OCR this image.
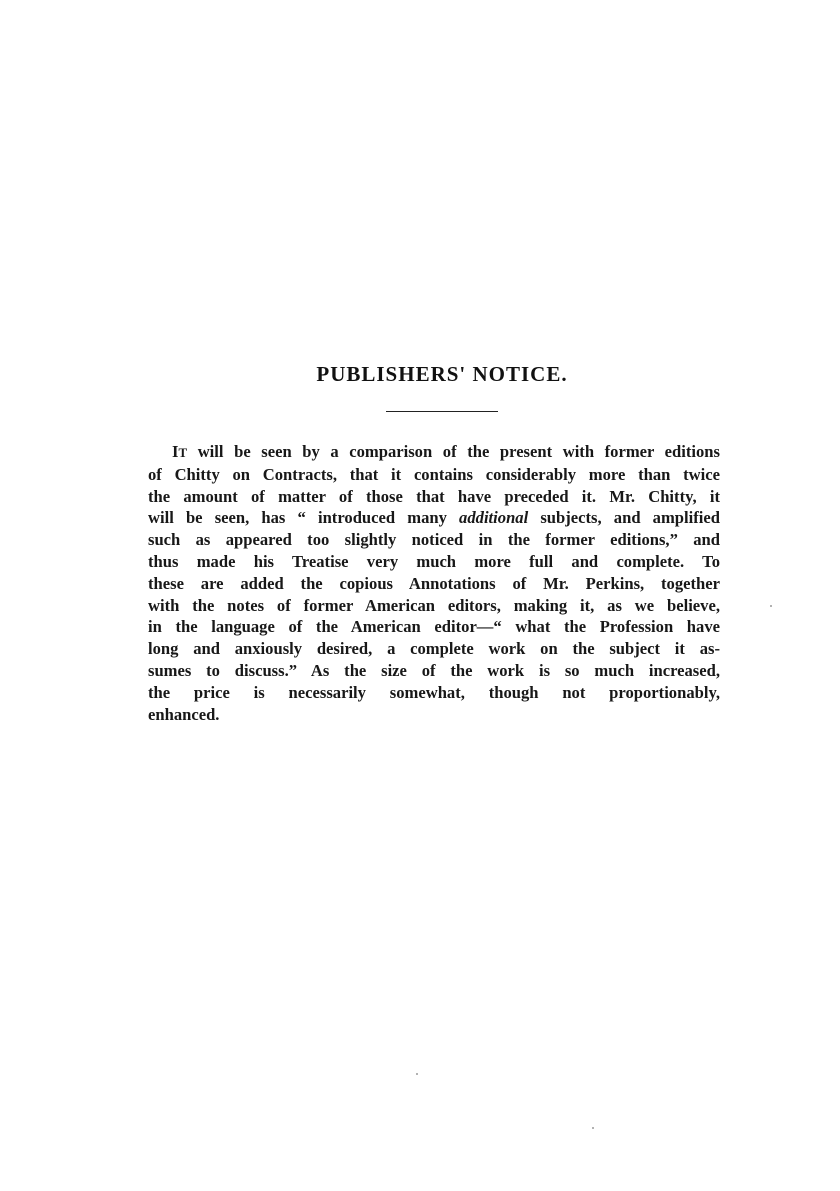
PUBLISHERS' NOTICE.
IT will be seen by a comparison of the present with former editions
of Chitty on Contracts, that it contains considerably more than twice
the amount of matter of those that have preceded it. Mr. Chitty, it
will be seen, has “ introduced many additional subjects, and amplified
such as appeared too slightly noticed in the former editions,” and
thus made his Treatise very much more full and complete. To
these are added the copious Annotations of Mr. Perkins, together
with the notes of former American editors, making it, as we believe,
in the language of the American editor—“ what the Profession have
long and anxiously desired, a complete work on the subject it as-
sumes to discuss.” As the size of the work is so much increased,
the price is necessarily somewhat, though not proportionably,
enhanced.
